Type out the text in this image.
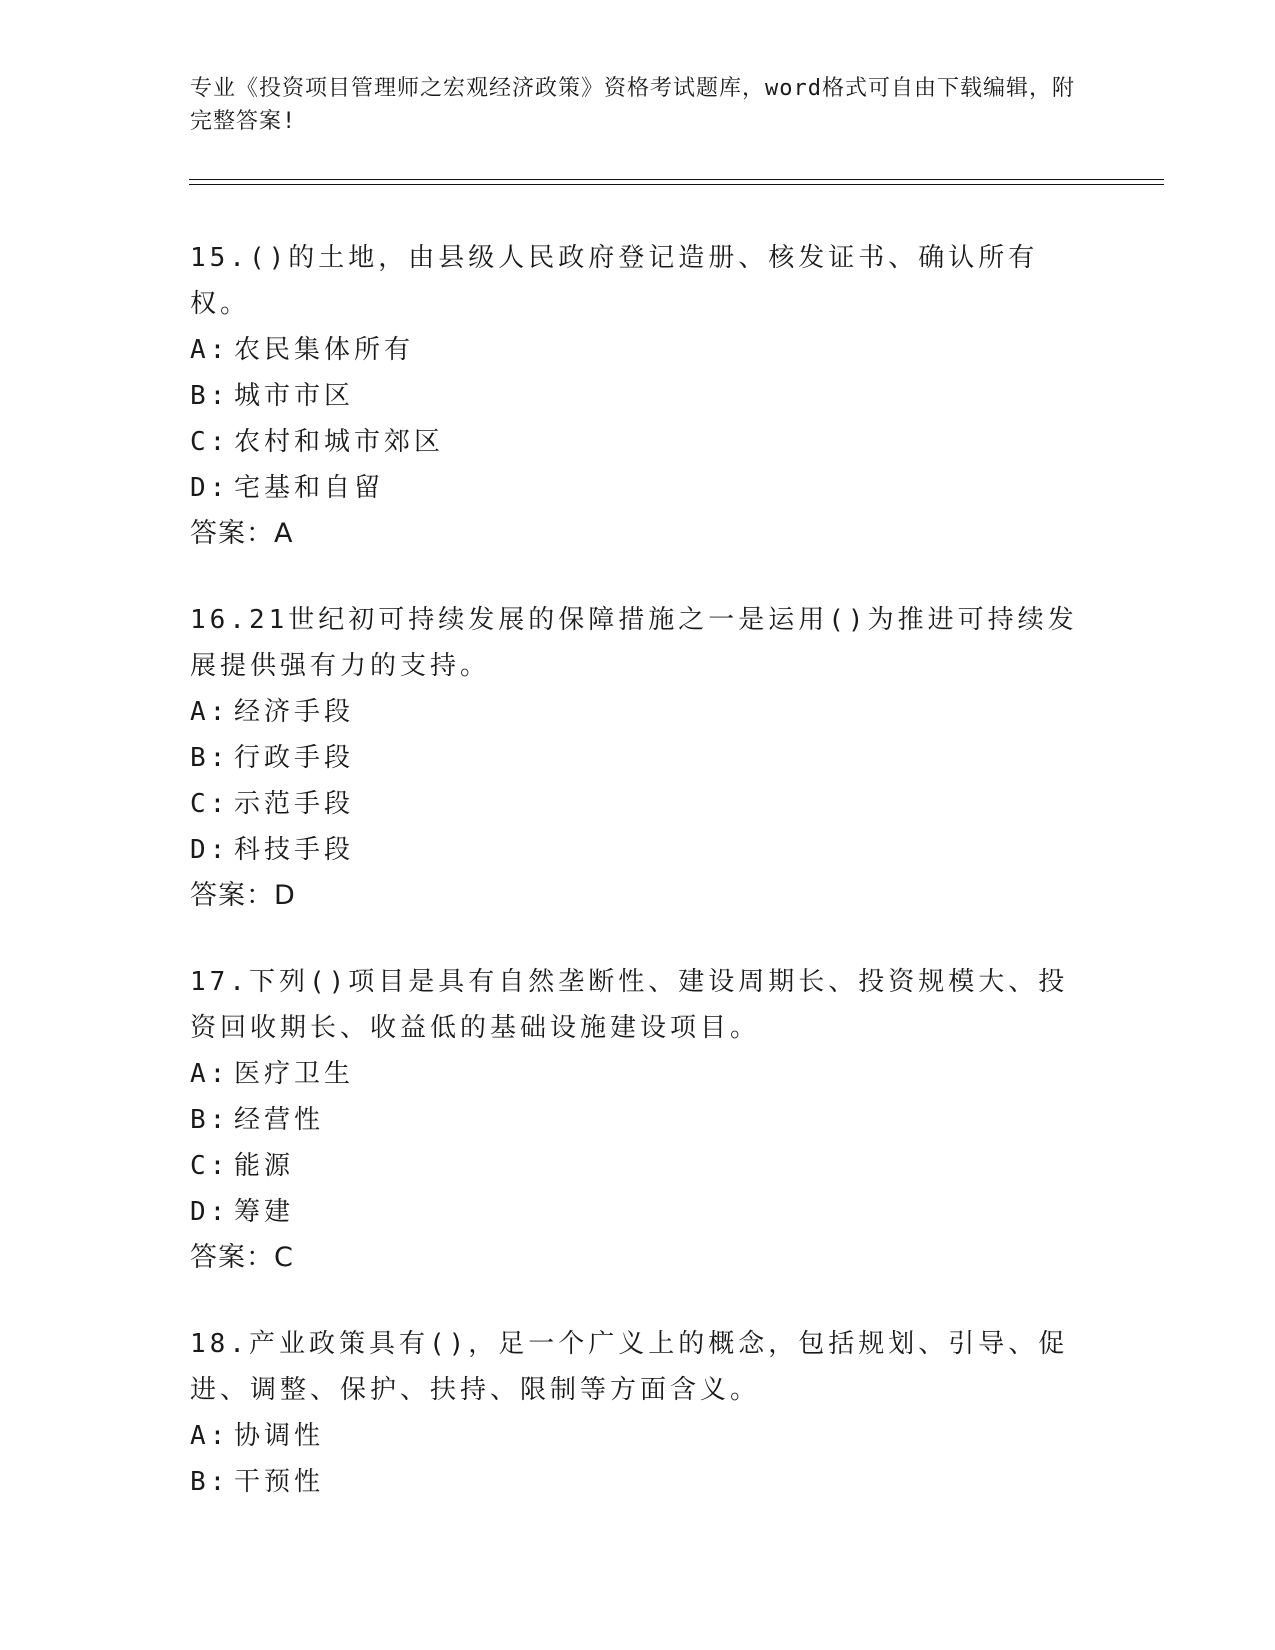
专业《投资项目管理师之宏观经济政策》资格考试题库，word格式可自由下载编辑，附完整答案!
15.()的土地，由县级人民政府登记造册、核发证书、确认所有权。
A: 农民集体所有
B: 城市市区
C: 农村和城市郊区
D: 宅基和自留
答案：A
16.21世纪初可持续发展的保障措施之一是运用()为推进可持续发展提供强有力的支持。
A: 经济手段
B: 行政手段
C: 示范手段
D: 科技手段
答案：D
17.下列()项目是具有自然垄断性、建设周期长、投资规模大、投资回收期长、收益低的基础设施建设项目。
A: 医疗卫生
B: 经营性
C: 能源
D: 筹建
答案：C
18.产业政策具有()，足一个广义上的概念，包括规划、引导、促进、调整、保护、扶持、限制等方面含义。
A: 协调性
B: 干预性
